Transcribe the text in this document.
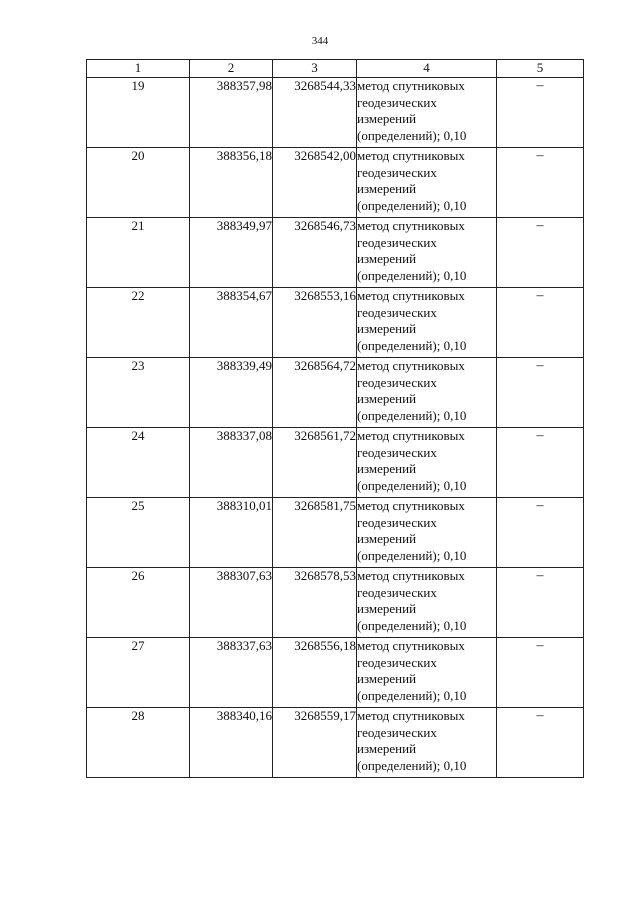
344
1	2	3	4	5
19	388357,98	3268544,33	метод спутниковых геодезических измерений (определений); 0,10	–
20	388356,18	3268542,00	метод спутниковых геодезических измерений (определений); 0,10	–
21	388349,97	3268546,73	метод спутниковых геодезических измерений (определений); 0,10	–
22	388354,67	3268553,16	метод спутниковых геодезических измерений (определений); 0,10	–
23	388339,49	3268564,72	метод спутниковых геодезических измерений (определений); 0,10	–
24	388337,08	3268561,72	метод спутниковых геодезических измерений (определений); 0,10	–
25	388310,01	3268581,75	метод спутниковых геодезических измерений (определений); 0,10	–
26	388307,63	3268578,53	метод спутниковых геодезических измерений (определений); 0,10	–
27	388337,63	3268556,18	метод спутниковых геодезических измерений (определений); 0,10	–
28	388340,16	3268559,17	метод спутниковых геодезических измерений (определений); 0,10	–
